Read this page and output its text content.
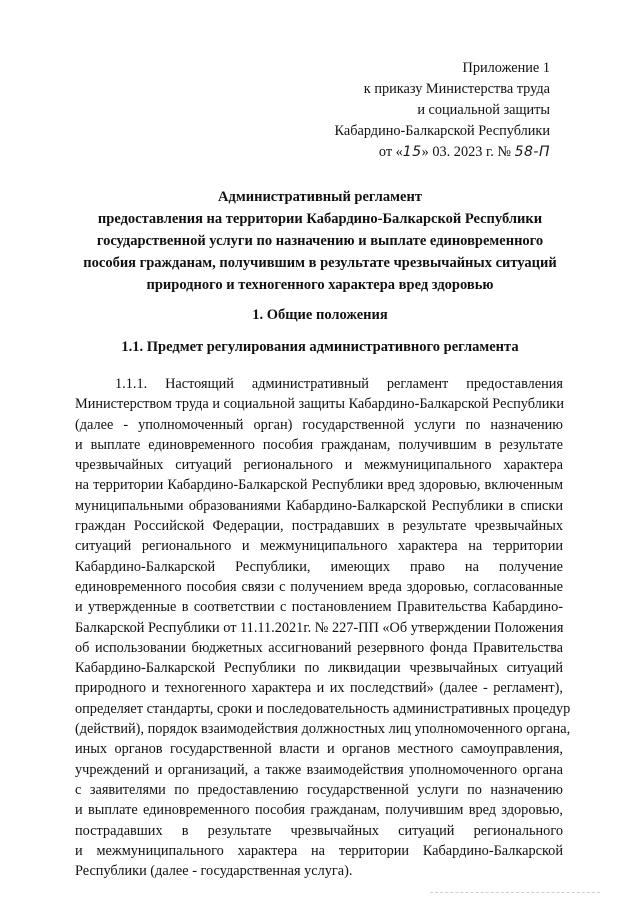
Приложение 1
к приказу Министерства труда
и социальной защиты
Кабардино-Балкарской Республики
от «15» 03. 2023 г. № 58-П
Административный регламент
предоставления на территории Кабардино-Балкарской Республики
государственной услуги по назначению и выплате единовременного
пособия гражданам, получившим в результате чрезвычайных ситуаций
природного и техногенного характера вред здоровью
1. Общие положения
1.1. Предмет регулирования административного регламента
1.1.1. Настоящий административный регламент предоставления
Министерством труда и социальной защиты Кабардино-Балкарской Республики
(далее - уполномоченный орган) государственной услуги по назначению
и выплате единовременного пособия гражданам, получившим в результате
чрезвычайных ситуаций регионального и межмуниципального характера
на территории Кабардино-Балкарской Республики вред здоровью, включенным
муниципальными образованиями Кабардино-Балкарской Республики в списки
граждан Российской Федерации, пострадавших в результате чрезвычайных
ситуаций регионального и межмуниципального характера на территории
Кабардино-Балкарской Республики, имеющих право на получение
единовременного пособия связи с получением вреда здоровью, согласованные
и утвержденные в соответствии с постановлением Правительства Кабардино-
Балкарской Республики от 11.11.2021г. № 227-ПП «Об утверждении Положения
об использовании бюджетных ассигнований резервного фонда Правительства
Кабардино-Балкарской Республики по ликвидации чрезвычайных ситуаций
природного и техногенного характера и их последствий» (далее - регламент),
определяет стандарты, сроки и последовательность административных процедур
(действий), порядок взаимодействия должностных лиц уполномоченного органа,
иных органов государственной власти и органов местного самоуправления,
учреждений и организаций, а также взаимодействия уполномоченного органа
с заявителями по предоставлению государственной услуги по назначению
и выплате единовременного пособия гражданам, получившим вред здоровью,
пострадавших в результате чрезвычайных ситуаций регионального
и межмуниципального характера на территории Кабардино-Балкарской
Республики (далее - государственная услуга).
